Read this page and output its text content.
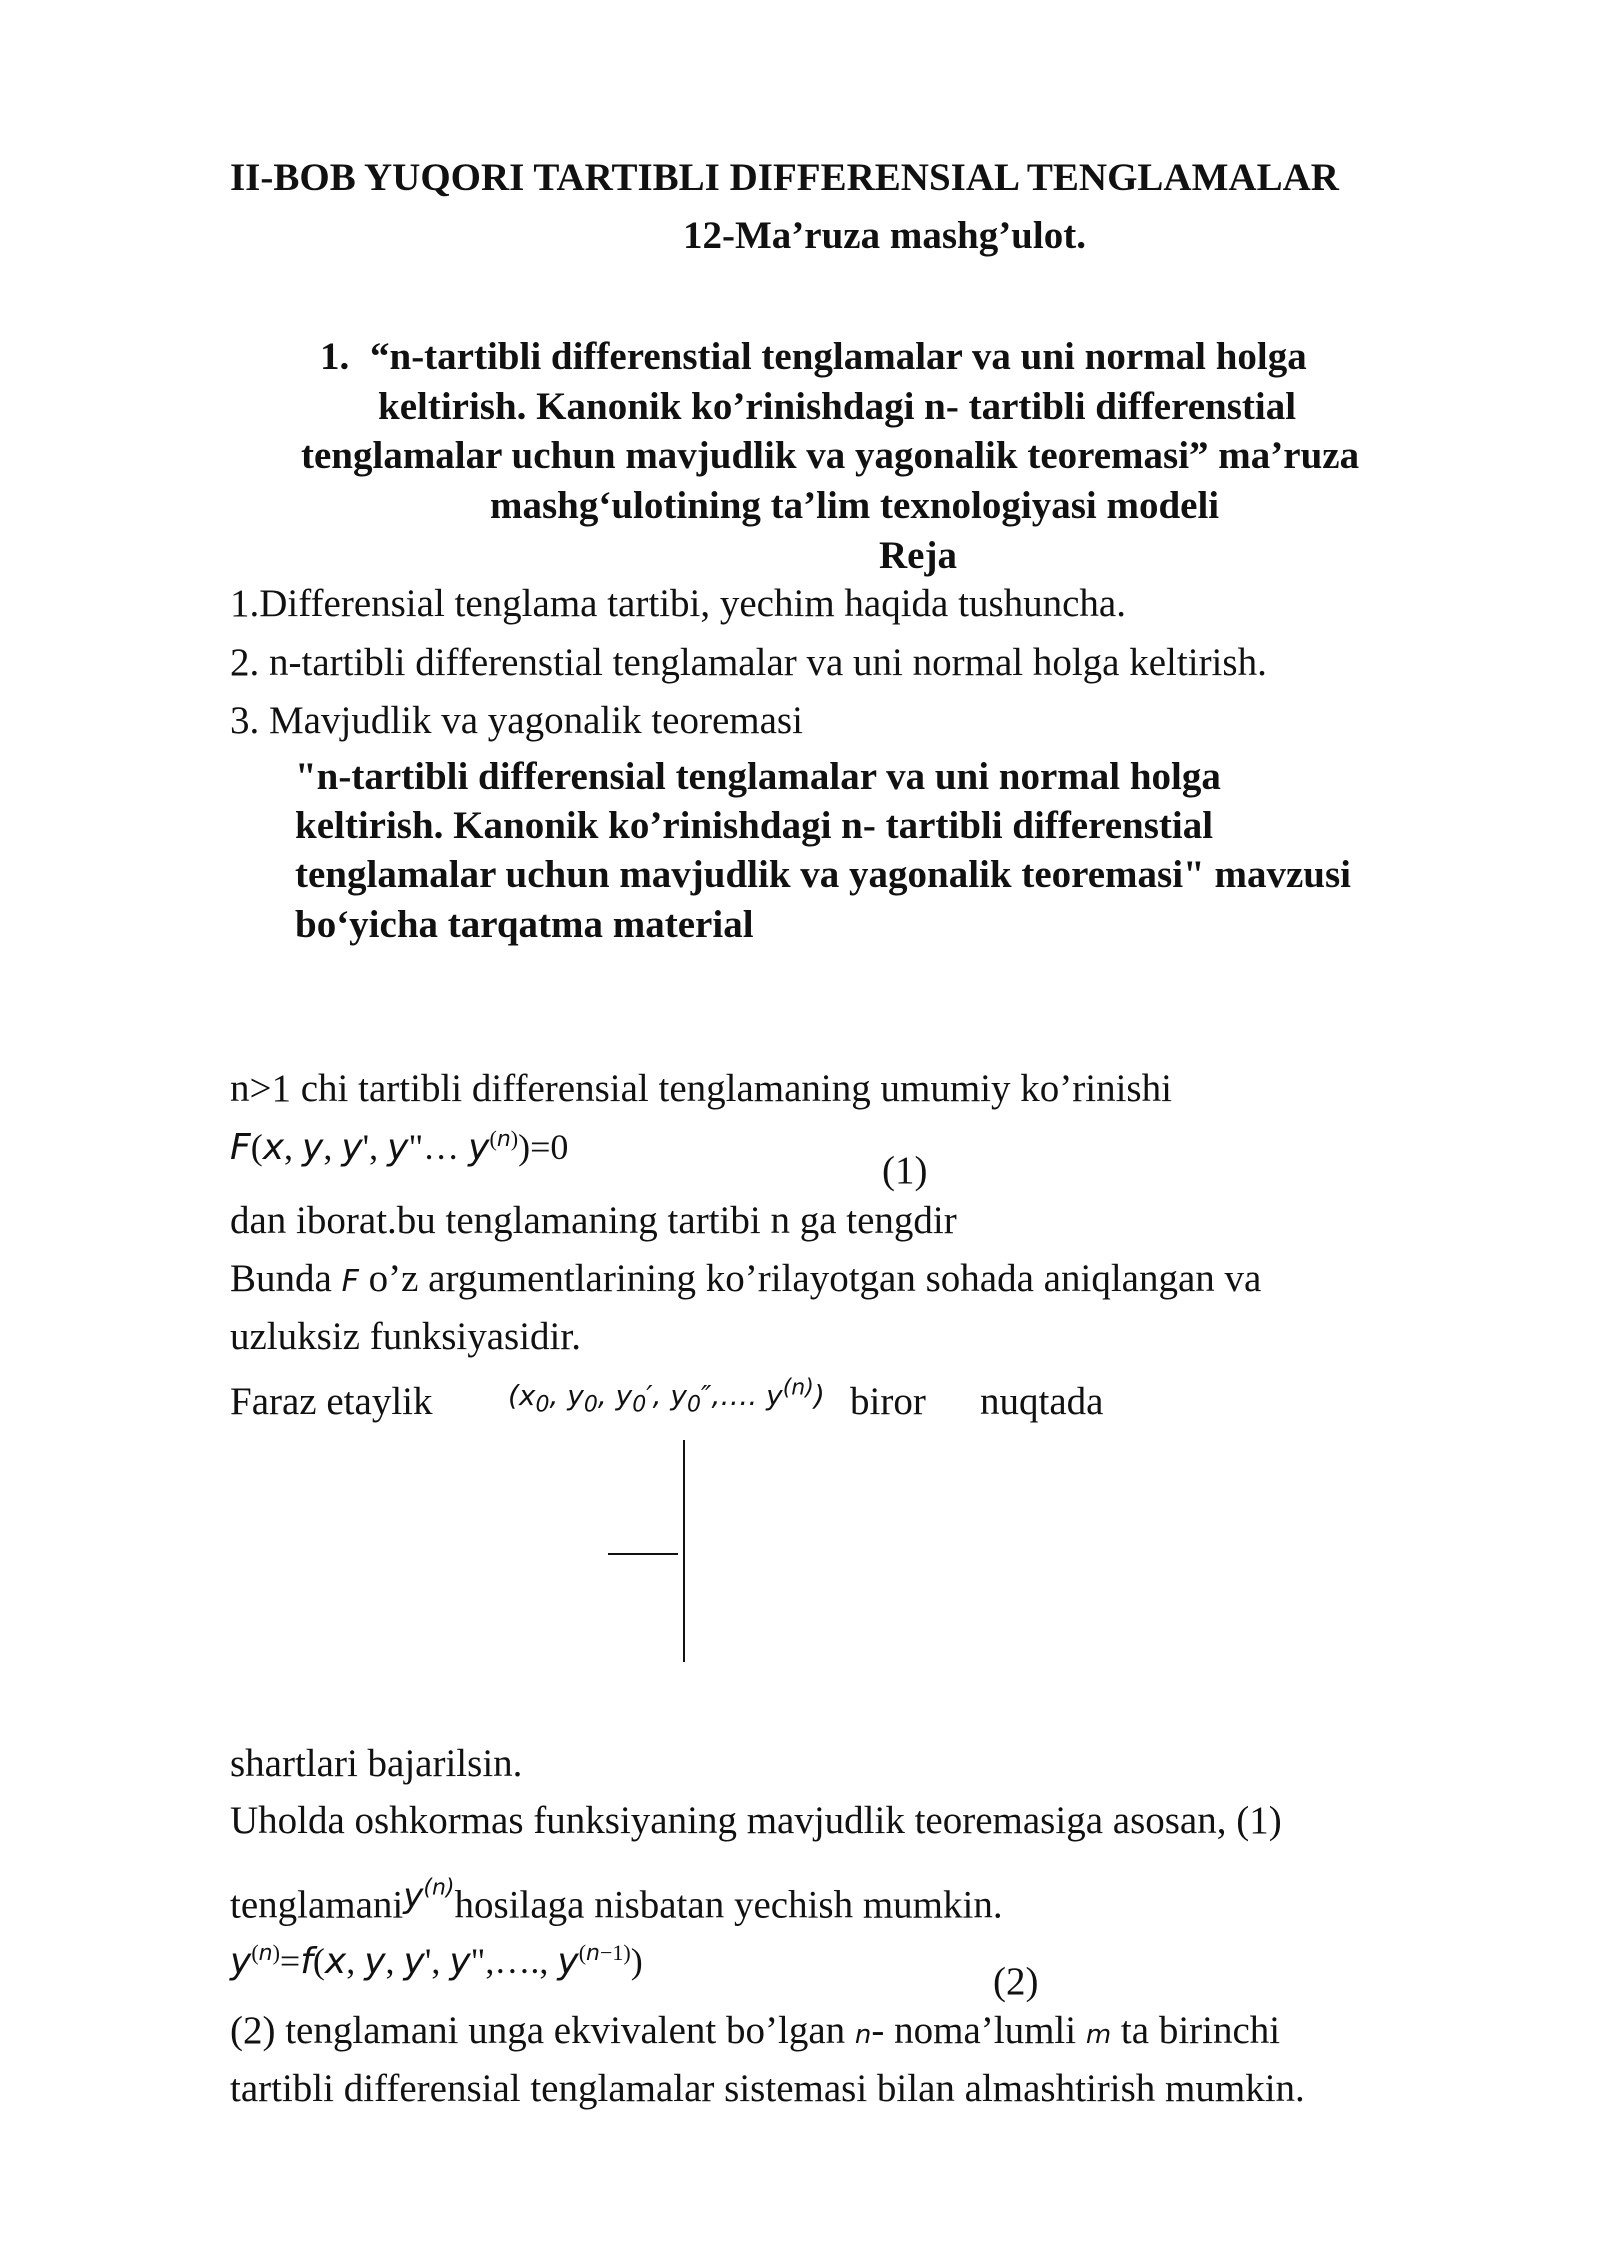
II-BOB YUQORI TARTIBLI DIFFERENSIAL TENGLAMALAR
12-Ma’ruza mashg’ulot.
1. “n-tartibli differenstial tenglamalar va uni normal holga
keltirish. Kanonik ko’rinishdagi n- tartibli differenstial
tenglamalar uchun mavjudlik va yagonalik teoremasi” ma’ruza
mashg‘ulotining ta’lim texnologiyasi modeli
Reja
1.Differensial tenglama tartibi, yechim haqida tushuncha.
2. n-tartibli differenstial tenglamalar va uni normal holga keltirish.
3. Mavjudlik va yagonalik teoremasi
"n-tartibli differensial tenglamalar va uni normal holga
keltirish. Kanonik ko’rinishdagi n- tartibli differenstial
tenglamalar uchun mavjudlik va yagonalik teoremasi" mavzusi
bo‘yicha tarqatma material
n>1 chi tartibli differensial tenglamaning umumiy ko’rinishi
F(x, y, y', y"… $y^{(n)})=0$
(1)
dan iborat.bu tenglamaning tartibi n ga tengdir
Bunda F o’z argumentlarining ko’rilayotgan sohada aniqlangan va
uzluksiz funksiyasidir.
Faraz etaylik	($x_0$, $y_0$, $y_0'$, $y_0'',\dots$. $y^{(n)}$) biror nuqtada
shartlari bajarilsin.
Uholda oshkormas funksiyaning mavjudlik teoremasiga asosan, (1)
tenglamaniy$^{(n)}$hosilaga nisbatan yechish mumkin.
$y^{(n)}=f(x$, y, y', y",…., $y^{(n-1)}$)	(2)
(2) tenglamani unga ekvivalent bo’lgan n- noma’lumli m ta birinchi
tartibli differensial tenglamalar sistemasi bilan almashtirish mumkin.
